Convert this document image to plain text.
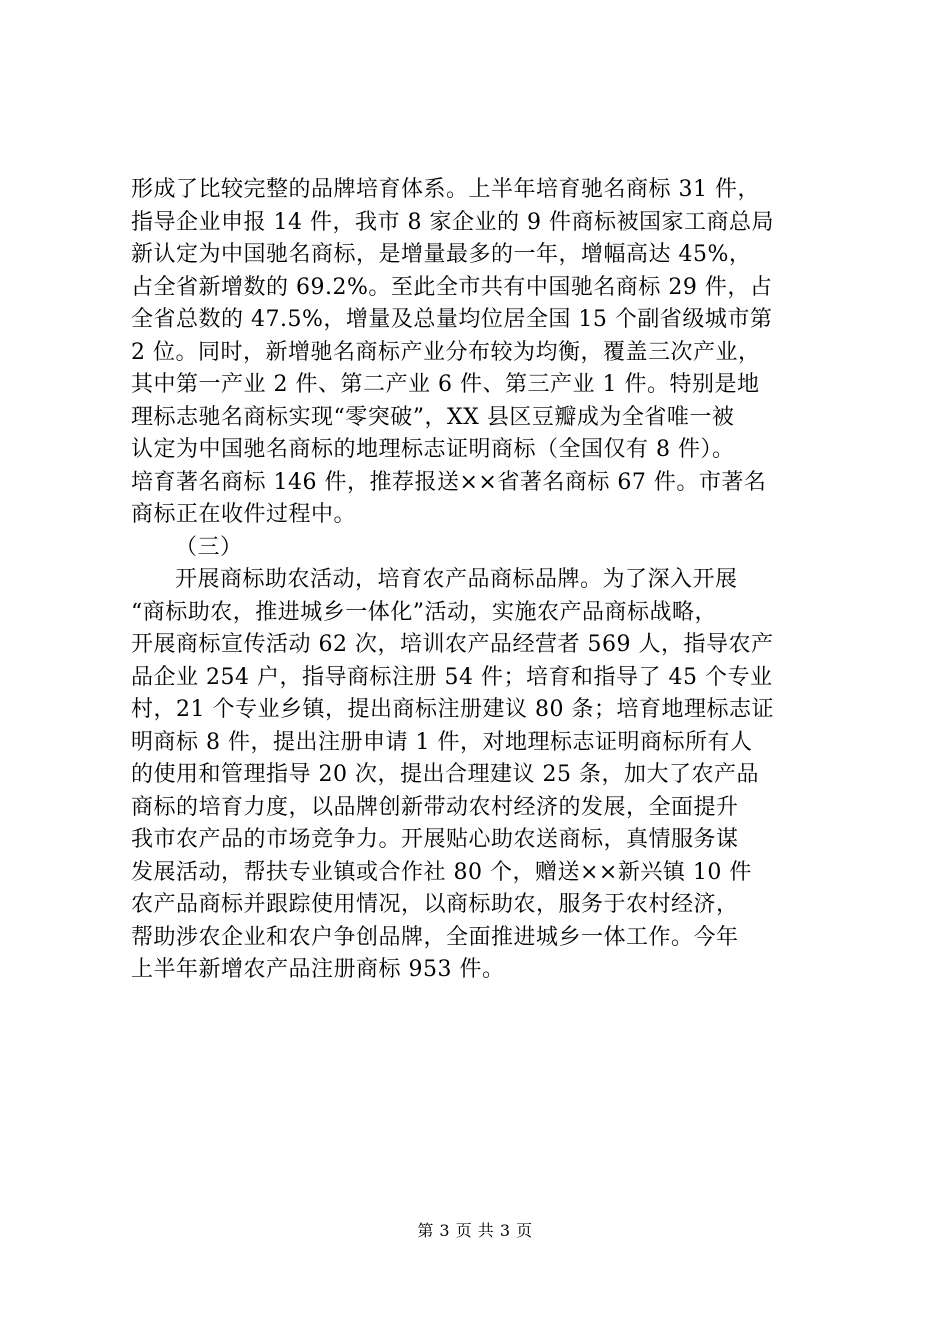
形成了比较完整的品牌培育体系。上半年培育驰名商标 31 件，
指导企业申报 14 件，我市 8 家企业的 9 件商标被国家工商总局
新认定为中国驰名商标，是增量最多的一年，增幅高达 45%，
占全省新增数的 69.2%。至此全市共有中国驰名商标 29 件，占
全省总数的 47.5%，增量及总量均位居全国 15 个副省级城市第
2 位。同时，新增驰名商标产业分布较为均衡，覆盖三次产业，
其中第一产业 2 件、第二产业 6 件、第三产业 1 件。特别是地
理标志驰名商标实现“零突破”，XX 县区豆瓣成为全省唯一被
认定为中国驰名商标的地理标志证明商标（全国仅有 8 件）。
培育著名商标 146 件，推荐报送××省著名商标 67 件。市著名
商标正在收件过程中。
（三）
开展商标助农活动，培育农产品商标品牌。为了深入开展
“商标助农，推进城乡一体化”活动，实施农产品商标战略，
开展商标宣传活动 62 次，培训农产品经营者 569 人，指导农产
品企业 254 户，指导商标注册 54 件；培育和指导了 45 个专业
村，21 个专业乡镇，提出商标注册建议 80 条；培育地理标志证
明商标 8 件，提出注册申请 1 件，对地理标志证明商标所有人
的使用和管理指导 20 次，提出合理建议 25 条，加大了农产品
商标的培育力度，以品牌创新带动农村经济的发展，全面提升
我市农产品的市场竞争力。开展贴心助农送商标，真情服务谋
发展活动，帮扶专业镇或合作社 80 个，赠送××新兴镇 10 件
农产品商标并跟踪使用情况，以商标助农，服务于农村经济，
帮助涉农企业和农户争创品牌，全面推进城乡一体工作。今年
上半年新增农产品注册商标 953 件。
第 3 页 共 3 页
